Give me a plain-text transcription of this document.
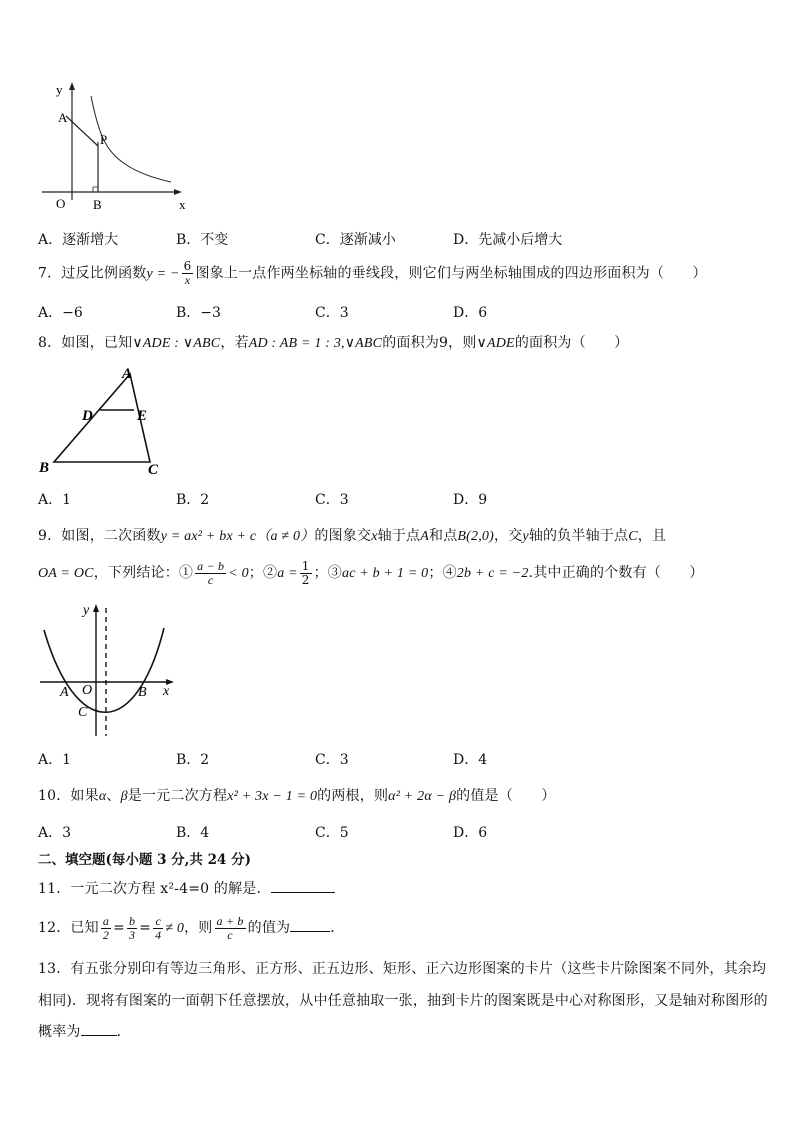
y
A
P
O B	x
A．逐渐增大	B．不变	C．逐渐减小	D．先减小后增大
7．过反比例函数y = − $\frac{6}{x}$ 图象上一点作两坐标轴的垂线段，则它们与两坐标轴围成的四边形面积为（　　）
A．−6	B．−3	C．3	D．6
8．如图，已知∨ADE : ∨ABC，若AD : AB = 1 : 3,∨ABC的面积为9，则∨ADE的面积为（　　）
A
D	E
B	C
A．1	B．2	C．3	D．9
9．如图，二次函数y = ax² + bx + c（a ≠ 0）的图象交x轴于点A和点B(2,0)，交y轴的负半轴于点C，且
OA = OC，下列结论：① $\frac{a - b}{c} < 0$；②a = $\frac{1}{2}$ ；③ac + b + 1 = 0；④2b + c = −2.其中正确的个数有（　　）
y
A O
C
B x
A．1	B．2	C．3	D．4
10．如果α、β是一元二次方程x² + 3x − 1 = 0的两根，则α² + 2α − β的值是（　　）
A．3	B．4	C．5	D．6
二、填空题(每小题 3 分,共 24 分)
11．一元二次方程 x²-4=0 的解是．
12．已知 $\frac{a}{2} = \frac{b}{3} = \frac{c}{4} \ne 0$，则 $\frac{a + b}{c}$ 的值为	．
13．有五张分别印有等边三角形、正方形、正五边形、矩形、正六边形图案的卡片（这些卡片除图案不同外，其余均
相同)．现将有图案的一面朝下任意摆放，从中任意抽取一张，抽到卡片的图案既是中心对称图形，又是轴对称图形的
概率为	．
